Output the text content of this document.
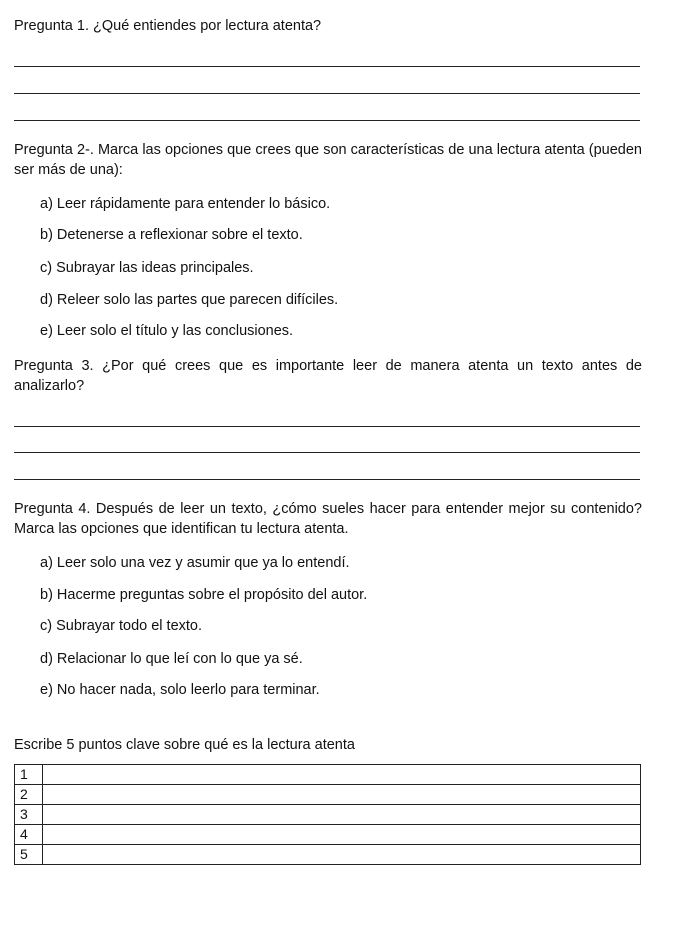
Pregunta 1. ¿Qué entiendes por lectura atenta?
Pregunta 2-. Marca las opciones que crees que son características de una lectura atenta (pueden ser más de una):
a) Leer rápidamente para entender lo básico.
b) Detenerse a reflexionar sobre el texto.
c) Subrayar las ideas principales.
d) Releer solo las partes que parecen difíciles.
e) Leer solo el título y las conclusiones.
Pregunta 3. ¿Por qué crees que es importante leer de manera atenta un texto antes de analizarlo?
Pregunta 4. Después de leer un texto, ¿cómo sueles hacer para entender mejor su contenido? Marca las opciones que identifican tu lectura atenta.
a) Leer solo una vez y asumir que ya lo entendí.
b) Hacerme preguntas sobre el propósito del autor.
c) Subrayar todo el texto.
d) Relacionar lo que leí con lo que ya sé.
e) No hacer nada, solo leerlo para terminar.
Escribe 5 puntos clave sobre qué es la lectura atenta
1	
2	
3	
4	
5	
